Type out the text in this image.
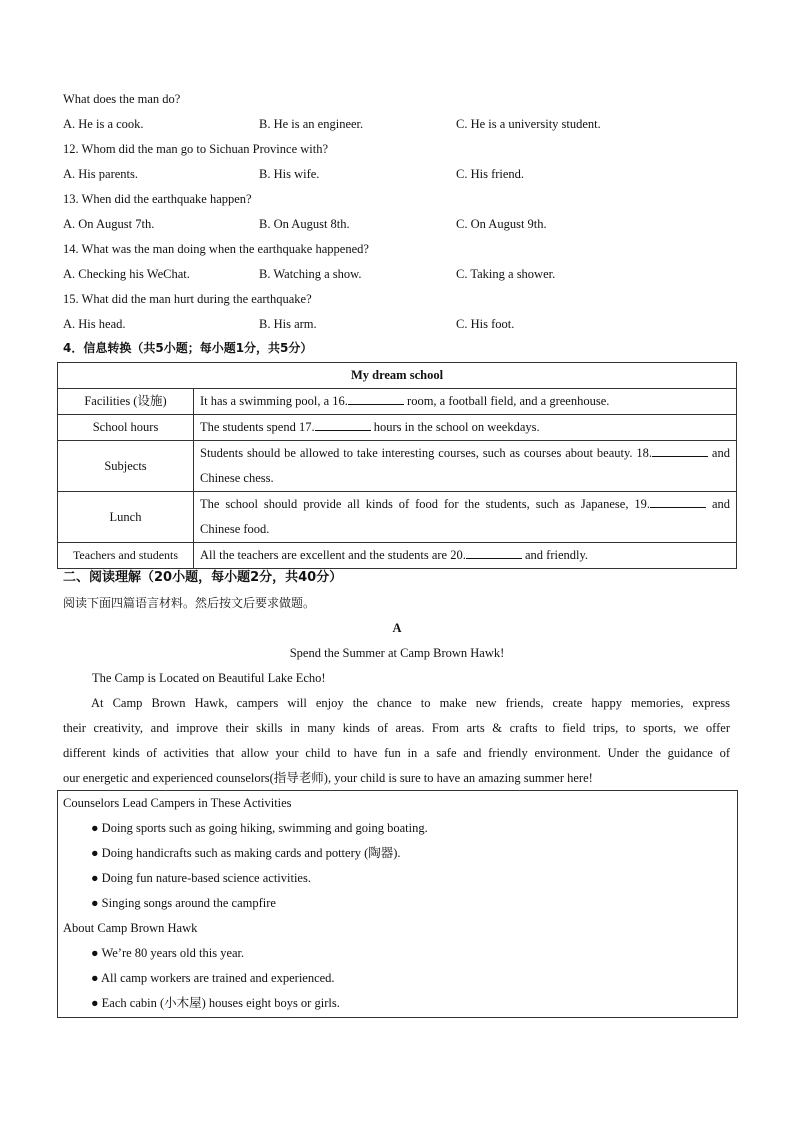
What does the man do?
A. He is a cook.	B. He is an engineer.	C. He is a university student.
12. Whom did the man go to Sichuan Province with?
A. His parents.	B. His wife.	C. His friend.
13. When did the earthquake happen?
A. On August 7th.	B. On August 8th.	C. On August 9th.
A. Checking his WeChat.
14. What was the man doing when the earthquake happened?
B. Watching a show.	C. Taking a shower.
15. What did the man hurt during the earthquake?
A. His head.	B. His arm.	C. His foot.
4．信息转换（共5小题；每小题1分，共5分）
My dream school	
Facilities (设施)	It has a swimming pool, a 16. room, a football field, and a greenhouse.
School hours	The students spend 17. hours in the school on weekdays.
Subjects	Students should be allowed to take interesting courses, such as courses about beauty. 18. and Chinese chess.
Lunch	The school should provide all kinds of food for the students, such as Japanese, 19. and Chinese food.
Teachers and students	All the teachers are excellent and the students are 20. and friendly.
二、阅读理解（20小题，每小题2分，共40分）
阅读下面四篇语言材料。然后按文后要求做题。
A
Spend the Summer at Camp Brown Hawk!
The Camp is Located on Beautiful Lake Echo!
At Camp Brown Hawk, campers will enjoy the chance to make new friends, create happy memories, express
their creativity, and improve their skills in many kinds of areas. From arts & crafts to field trips, to sports, we offer
different kinds of activities that allow your child to have fun in a safe and friendly environment. Under the guidance of
our energetic and experienced counselors(指导老师), your child is sure to have an amazing summer here!
Counselors Lead Campers in These Activities
● Doing sports such as going hiking, swimming and going boating.
● Doing handicrafts such as making cards and pottery (陶器).
● Doing fun nature-based science activities.
● Singing songs around the campfire
About Camp Brown Hawk
● We’re 80 years old this year.
● All camp workers are trained and experienced.
● Each cabin (小木屋) houses eight boys or girls.
